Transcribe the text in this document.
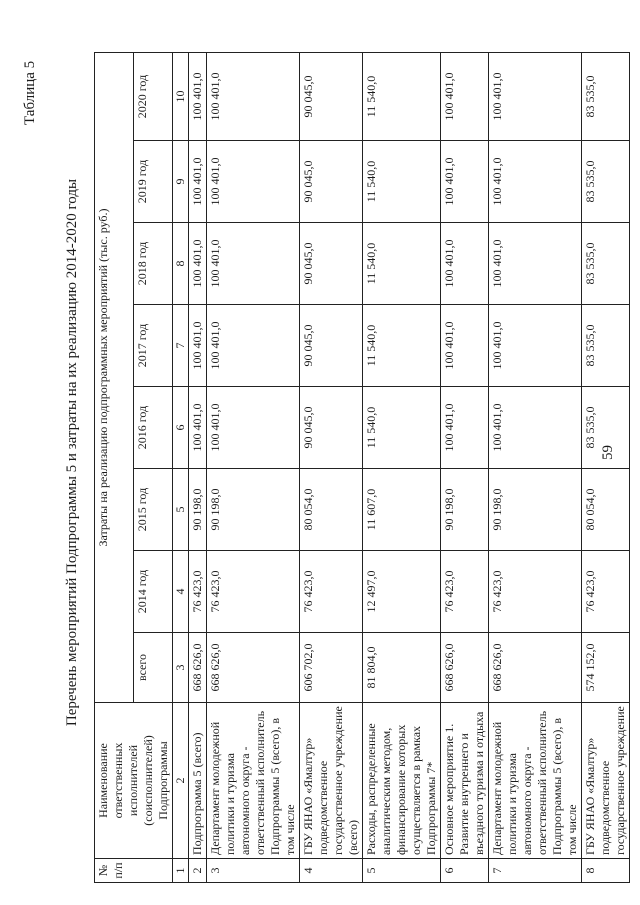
Таблица 5
Перечень мероприятий Подпрограммы 5 и затраты на их реализацию 2014-2020 годы
№ п/п	Наименование ответственных исполнителей (соисполнителей) Подпрограммы	Затраты на реализацию подпрограммных мероприятий (тыс. руб.)							
		всего	2014 год	2015 год	2016 год	2017 год	2018 год	2019 год	2020 год
1	2	3	4	5	6	7	8	9	10
2	Подпрограмма 5 (всего)	668 626,0	76 423,0	90 198,0	100 401,0	100 401,0	100 401,0	100 401,0	100 401,0
3	Департамент молодежной политики и туризма автономного округа - ответственный исполнитель Подпрограммы 5 (всего), в том числе	668 626,0	76 423,0	90 198,0	100 401,0	100 401,0	100 401,0	100 401,0	100 401,0
4	ГБУ ЯНАО «Ямалтур» подведомственное государственное учреждение (всего)	606 702,0	76 423,0	80 054,0	90 045,0	90 045,0	90 045,0	90 045,0	90 045,0
5	Расходы, распределенные аналитическим методом, финансирование которых осуществляется в рамках Подпрограммы 7*	81 804,0	12 497,0	11 607,0	11 540,0	11 540,0	11 540,0	11 540,0	11 540,0
6	Основное мероприятие 1. Развитие внутреннего и въездного туризма и отдыха	668 626,0	76 423,0	90 198,0	100 401,0	100 401,0	100 401,0	100 401,0	100 401,0
7	Департамент молодежной политики и туризма автономного округа - ответственный исполнитель Подпрограммы 5 (всего), в том числе	668 626,0	76 423,0	90 198,0	100 401,0	100 401,0	100 401,0	100 401,0	100 401,0
8	ГБУ ЯНАО «Ямалтур» подведомственное государственное учреждение	574 152,0	76 423,0	80 054,0	83 535,0	83 535,0	83 535,0	83 535,0	83 535,0
59
